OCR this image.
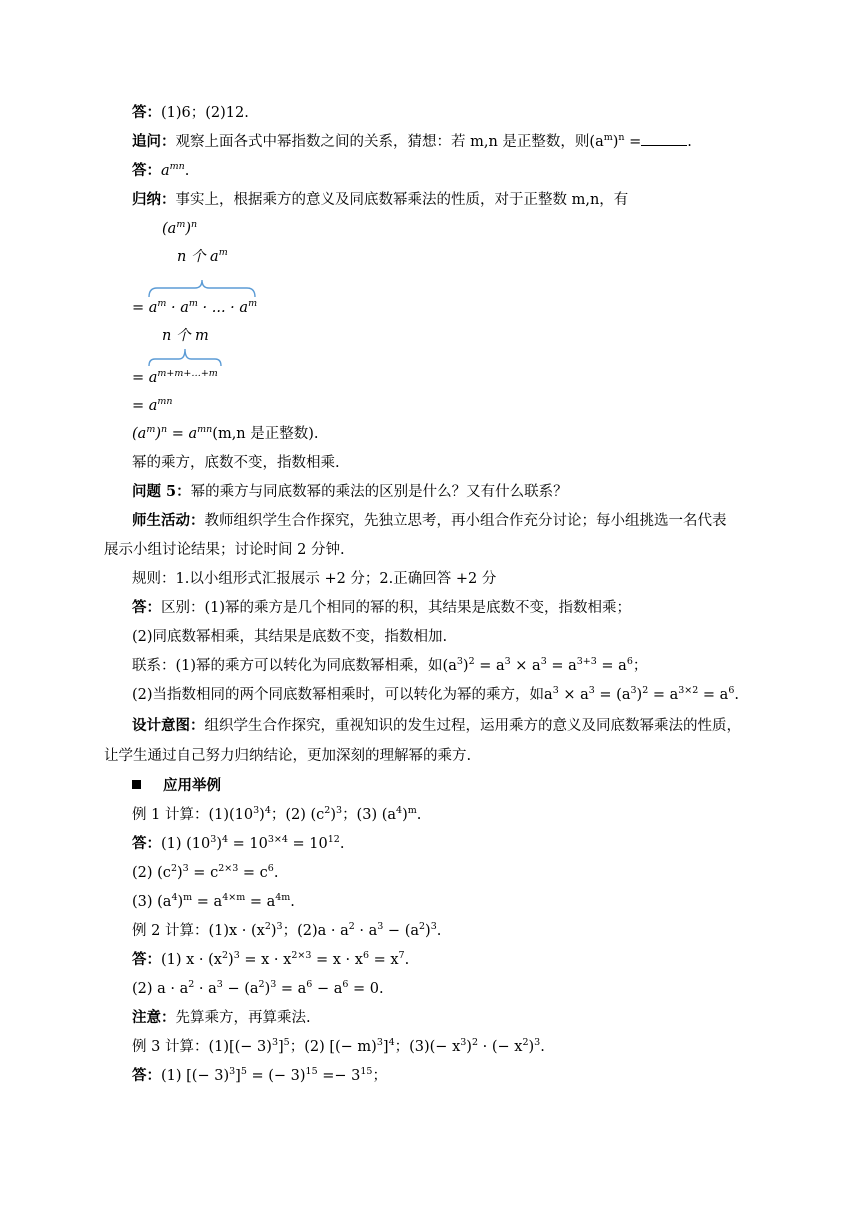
答：(1)6；(2)12.
追问：观察上面各式中幂指数之间的关系，猜想：若 m,n 是正整数，则$(a^m)^n$ =	.
答：$a^{mn}$.
归纳：事实上，根据乘方的意义及同底数幂乘法的性质，对于正整数 m,n，有
$(a^m)^n$
n 个 $a^m$
= $a^m \cdot a^m$ · ... · $a^m$
n 个 m
= $a^{m+m+\dots+m}$
= $a^{mn}$
$(a^m)^n = a^{mn}(m,n$ 是正整数).
幂的乘方，底数不变，指数相乘.
问题 5：幂的乘方与同底数幂的乘法的区别是什么？又有什么联系？
师生活动：教师组织学生合作探究，先独立思考，再小组合作充分讨论；每小组挑选一名代表
展示小组讨论结果；讨论时间 2 分钟.
规则：1.以小组形式汇报展示 +2 分；2.正确回答 +2 分
答：区别：(1)幂的乘方是几个相同的幂的积，其结果是底数不变，指数相乘；
(2)同底数幂相乘，其结果是底数不变，指数相加.
联系：(1)幂的乘方可以转化为同底数幂相乘，如$(a^3)^2 = a^3 \times a^3 = a^{3+3} = a^6$；
(2)当指数相同的两个同底数幂相乘时，可以转化为幂的乘方，如$a^3 \times a^3 = (a^3)^2 = a^{3\times 2} = a^6$.
设计意图：组织学生合作探究，重视知识的发生过程，运用乘方的意义及同底数幂乘法的性质，
让学生通过自己努力归纳结论，更加深刻的理解幂的乘方.
应用举例
例 1 计算：$(1)(10^3)^4$；(2) $(c^2)^3$；(3) $(a^4)^m$.
答：(1) $(10^3)^4 = 10^{3\times 4} = 10^{12}$.
(2) $(c^2)^3 = c^{2\times 3} = c^6$.
(3) $(a^4)^m = a^{4\times m} = a^{4m}$.
例 2 计算：$(1)x \cdot (x^2)^3$；$(2)a \cdot a^2 \cdot a^3 - (a^2)^3$.
答：(1) $x \cdot (x^2)^3 = x \cdot x^{2\times 3} = x \cdot x^6 = x^7$.
(2) $a \cdot a^2 \cdot a^3 - (a^2)^3 = a^6 - a^6 = 0$.
注意：先算乘方，再算乘法.
例 3 计算：$(1)[(- 3)^3]^5$；(2) [(− m)$^3$]$^4$；$(3)(- x^3)^2$ · (− $x^2)^3$.
答：(1) [(− 3)$^3$]$^5$ = (− $3)^{15} =- 3^{15}$；
